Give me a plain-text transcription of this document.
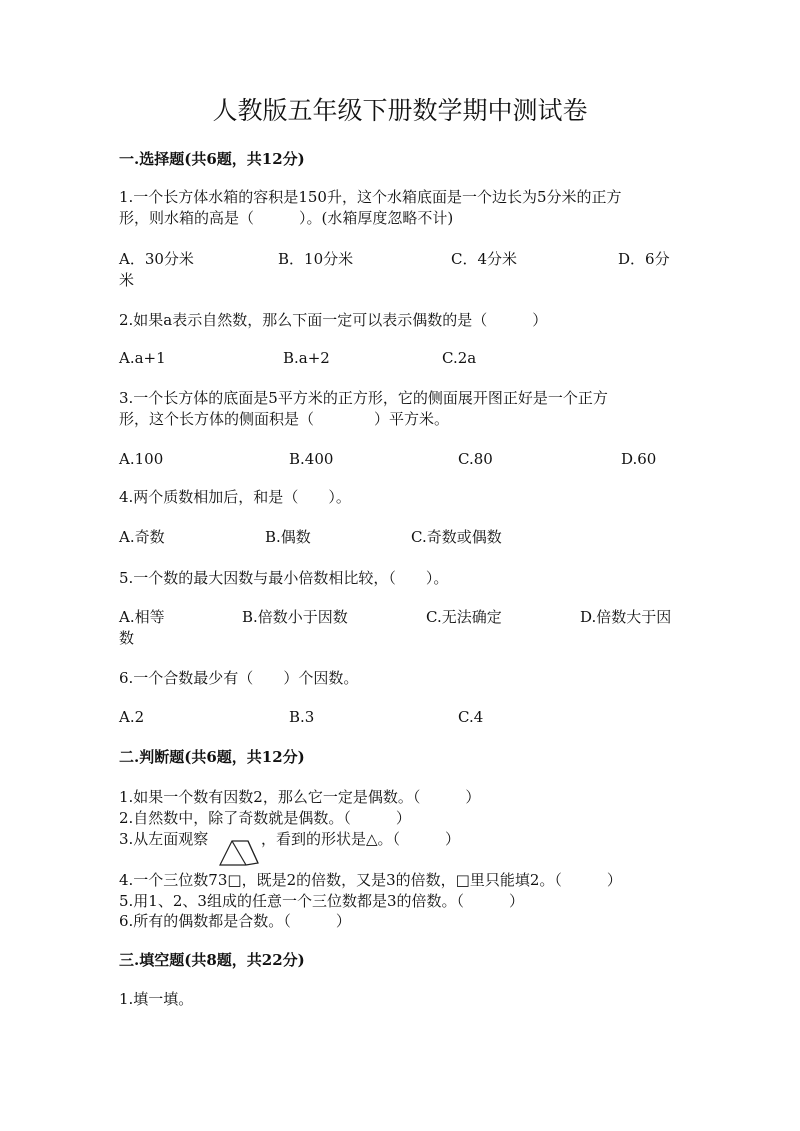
人教版五年级下册数学期中测试卷
一.选择题(共6题，共12分)
1.一个长方体水箱的容积是150升，这个水箱底面是一个边长为5分米的正方
形，则水箱的高是（　　　）。(水箱厚度忽略不计)
A．30分米	B．10分米	C．4分米	D．6分
米
2.如果a表示自然数，那么下面一定可以表示偶数的是（　　　）
A.a+1	B.a+2	C.2a
3.一个长方体的底面是5平方米的正方形，它的侧面展开图正好是一个正方
形，这个长方体的侧面积是（　　　　）平方米。
A.100	B.400	C.80	D.60
4.两个质数相加后，和是（　　）。
A.奇数	B.偶数	C.奇数或偶数
5.一个数的最大因数与最小倍数相比较，（　　）。
A.相等	B.倍数小于因数	C.无法确定	D.倍数大于因
数
6.一个合数最少有（　　）个因数。
A.2	B.3	C.4
二.判断题(共6题，共12分)
1.如果一个数有因数2，那么它一定是偶数。（　　　）
2.自然数中，除了奇数就是偶数。（　　　）
3.从左面观察	，看到的形状是△。（　　　）
4.一个三位数73□，既是2的倍数，又是3的倍数，□里只能填2。（　　　）
5.用1、2、3组成的任意一个三位数都是3的倍数。（　　　）
6.所有的偶数都是合数。（　　　）
三.填空题(共8题，共22分)
1.填一填。
